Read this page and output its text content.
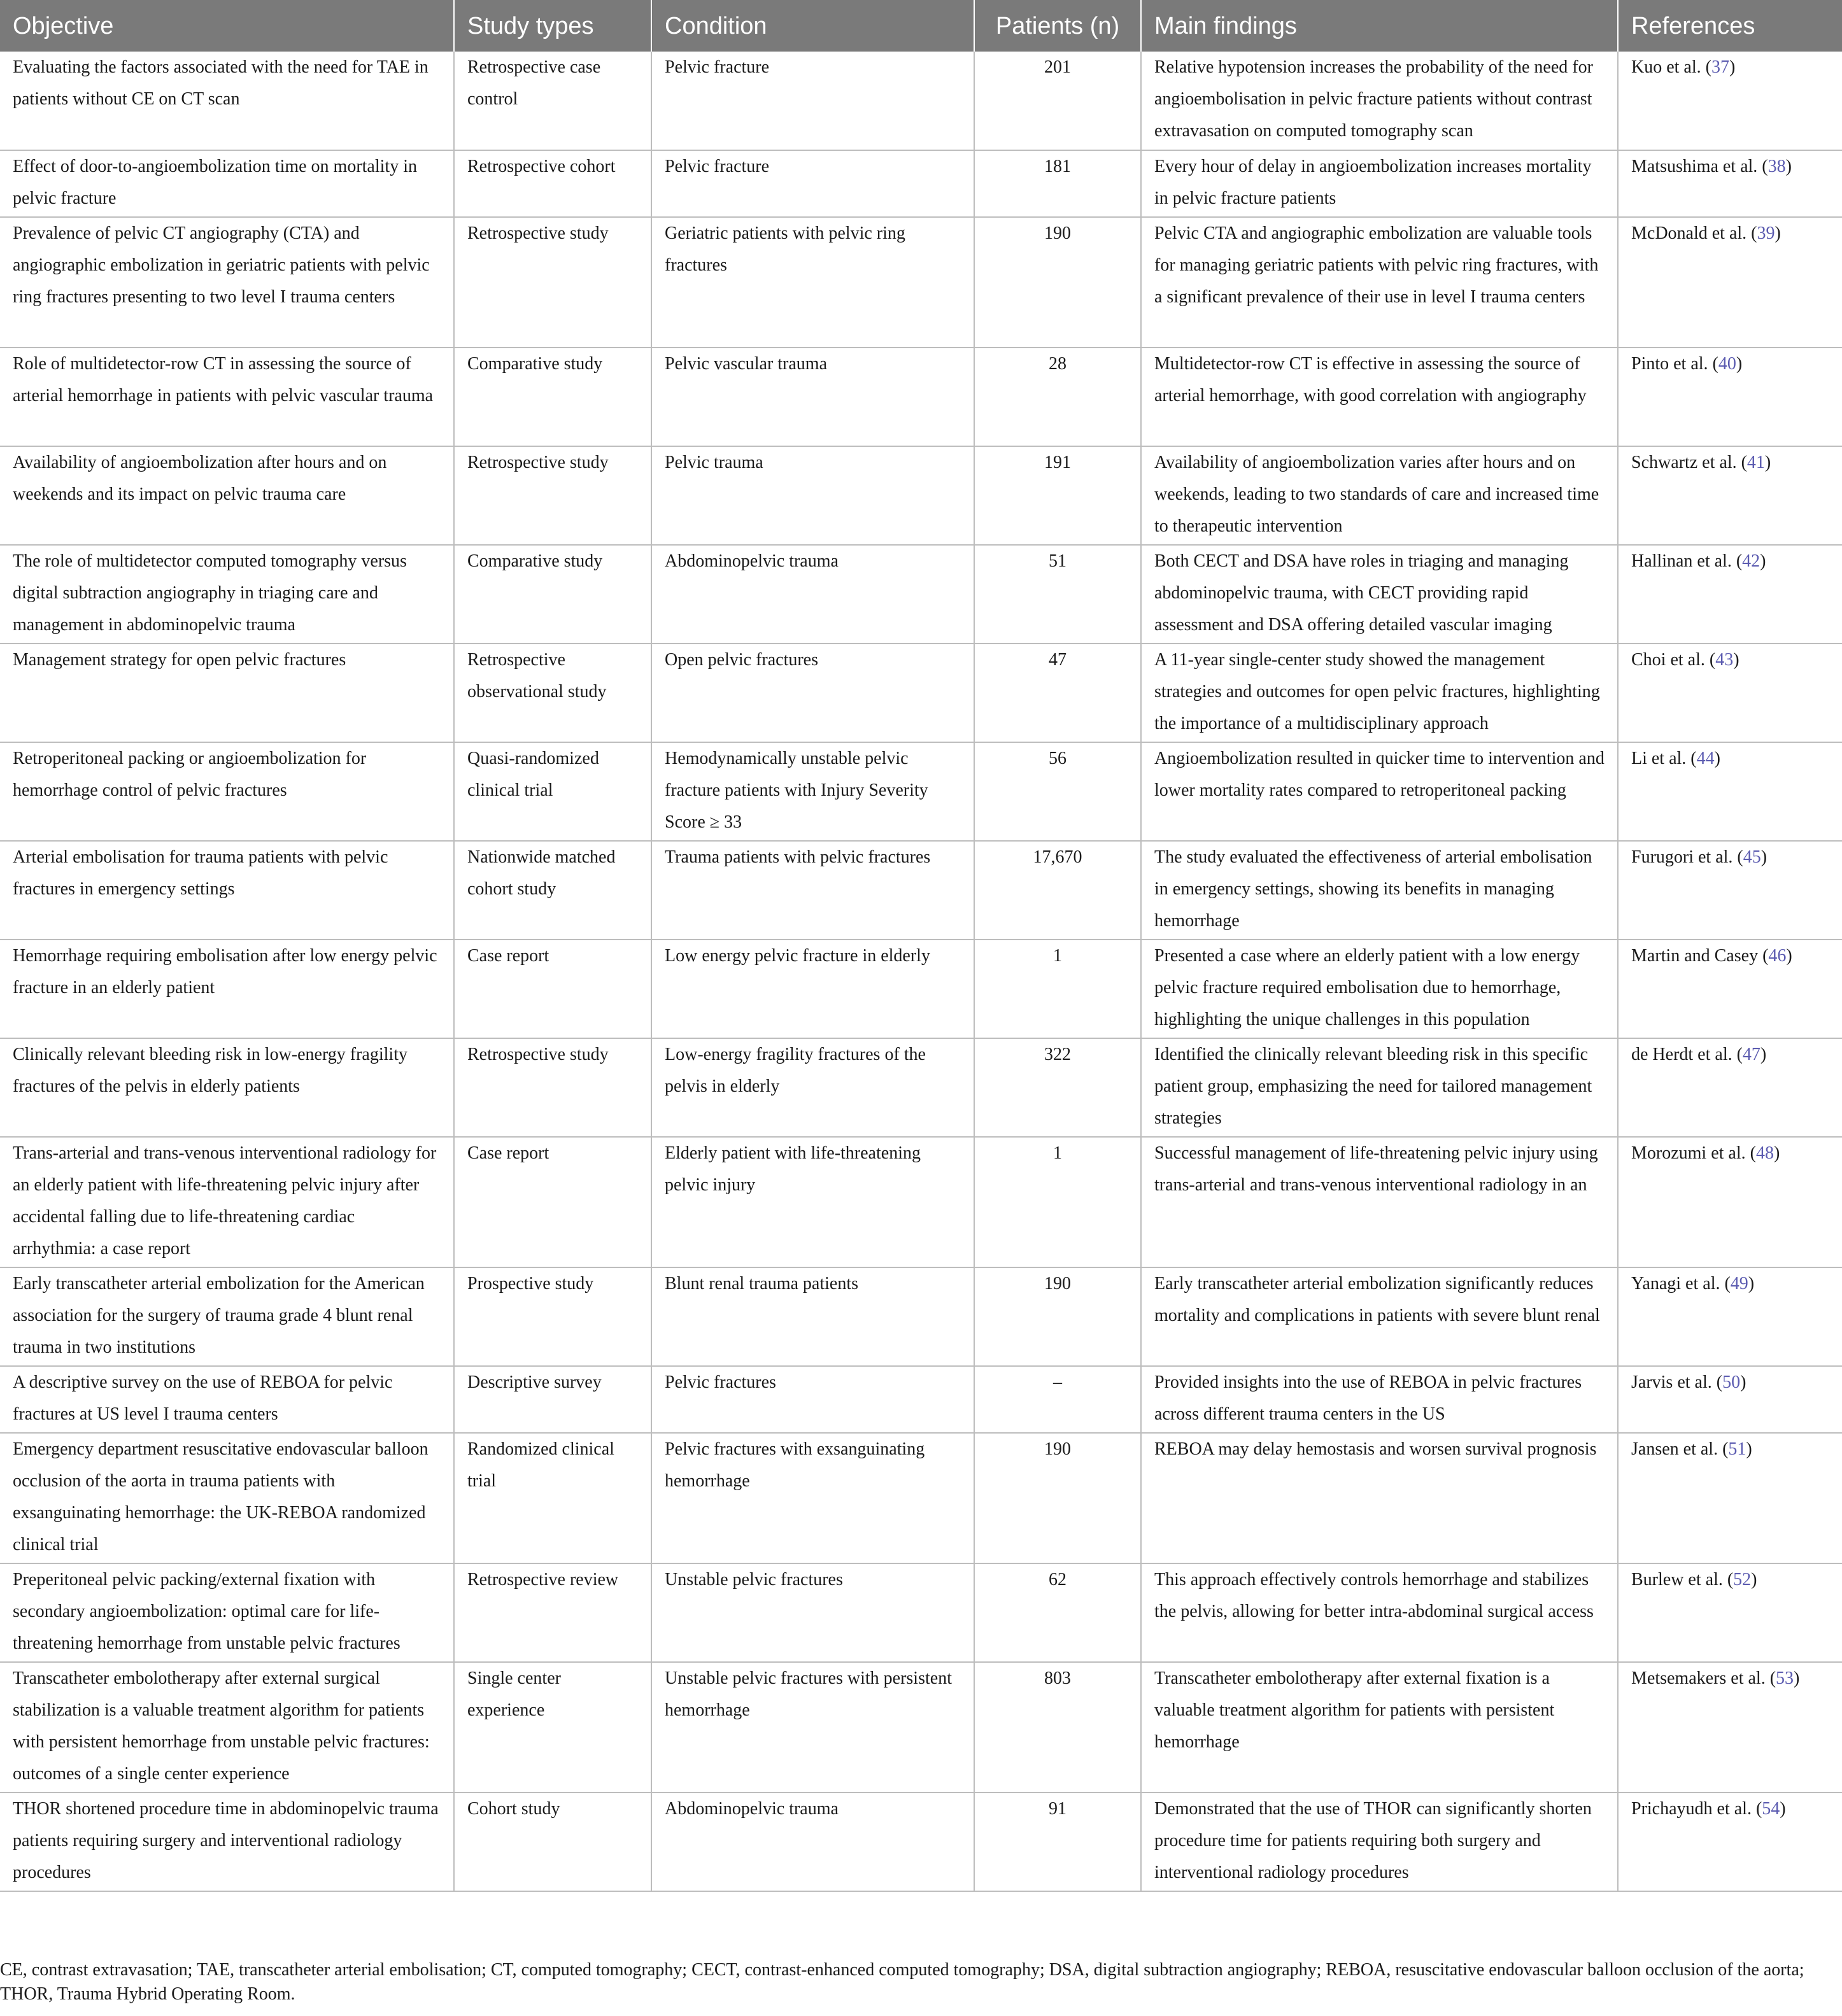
Objective	Study types	Condition	Patients (n)	Main findings	References
Evaluating the factors associated with the need for TAE in patients without CE on CT scan	Retrospective case control	Pelvic fracture	201	Relative hypotension increases the probability of the need for angioembolisation in pelvic fracture patients without contrast extravasation on computed tomography scan	Kuo et al. (37)
Effect of door-to-angioembolization time on mortality in pelvic fracture	Retrospective cohort	Pelvic fracture	181	Every hour of delay in angioembolization increases mortality in pelvic fracture patients	Matsushima et al. (38)
Prevalence of pelvic CT angiography (CTA) and angiographic embolization in geriatric patients with pelvic ring fractures presenting to two level I trauma centers	Retrospective study	Geriatric patients with pelvic ring fractures	190	Pelvic CTA and angiographic embolization are valuable tools for managing geriatric patients with pelvic ring fractures, with a significant prevalence of their use in level I trauma centers	McDonald et al. (39)
Role of multidetector-row CT in assessing the source of arterial hemorrhage in patients with pelvic vascular trauma	Comparative study	Pelvic vascular trauma	28	Multidetector-row CT is effective in assessing the source of arterial hemorrhage, with good correlation with angiography	Pinto et al. (40)
Availability of angioembolization after hours and on weekends and its impact on pelvic trauma care	Retrospective study	Pelvic trauma	191	Availability of angioembolization varies after hours and on weekends, leading to two standards of care and increased time to therapeutic intervention	Schwartz et al. (41)
The role of multidetector computed tomography versus digital subtraction angiography in triaging care and management in abdominopelvic trauma	Comparative study	Abdominopelvic trauma	51	Both CECT and DSA have roles in triaging and managing abdominopelvic trauma, with CECT providing rapid assessment and DSA offering detailed vascular imaging	Hallinan et al. (42)
Management strategy for open pelvic fractures	Retrospective observational study	Open pelvic fractures	47	A 11-year single-center study showed the management strategies and outcomes for open pelvic fractures, highlighting the importance of a multidisciplinary approach	Choi et al. (43)
Retroperitoneal packing or angioembolization for hemorrhage control of pelvic fractures	Quasi-randomized clinical trial	Hemodynamically unstable pelvic fracture patients with Injury Severity Score ≥ 33	56	Angioembolization resulted in quicker time to intervention and lower mortality rates compared to retroperitoneal packing	Li et al. (44)
Arterial embolisation for trauma patients with pelvic fractures in emergency settings	Nationwide matched cohort study	Trauma patients with pelvic fractures	17,670	The study evaluated the effectiveness of arterial embolisation in emergency settings, showing its benefits in managing hemorrhage	Furugori et al. (45)
Hemorrhage requiring embolisation after low energy pelvic fracture in an elderly patient	Case report	Low energy pelvic fracture in elderly	1	Presented a case where an elderly patient with a low energy pelvic fracture required embolisation due to hemorrhage, highlighting the unique challenges in this population	Martin and Casey (46)
Clinically relevant bleeding risk in low-energy fragility fractures of the pelvis in elderly patients	Retrospective study	Low-energy fragility fractures of the pelvis in elderly	322	Identified the clinically relevant bleeding risk in this specific patient group, emphasizing the need for tailored management strategies	de Herdt et al. (47)
Trans-arterial and trans-venous interventional radiology for an elderly patient with life-threatening pelvic injury after accidental falling due to life-threatening cardiac arrhythmia: a case report	Case report	Elderly patient with life-threatening pelvic injury	1	Successful management of life-threatening pelvic injury using trans-arterial and trans-venous interventional radiology in an	Morozumi et al. (48)
Early transcatheter arterial embolization for the American association for the surgery of trauma grade 4 blunt renal trauma in two institutions	Prospective study	Blunt renal trauma patients	190	Early transcatheter arterial embolization significantly reduces mortality and complications in patients with severe blunt renal	Yanagi et al. (49)
A descriptive survey on the use of REBOA for pelvic fractures at US level I trauma centers	Descriptive survey	Pelvic fractures	–	Provided insights into the use of REBOA in pelvic fractures across different trauma centers in the US	Jarvis et al. (50)
Emergency department resuscitative endovascular balloon occlusion of the aorta in trauma patients with exsanguinating hemorrhage: the UK-REBOA randomized clinical trial	Randomized clinical trial	Pelvic fractures with exsanguinating hemorrhage	190	REBOA may delay hemostasis and worsen survival prognosis	Jansen et al. (51)
Preperitoneal pelvic packing/external fixation with secondary angioembolization: optimal care for life-threatening hemorrhage from unstable pelvic fractures	Retrospective review	Unstable pelvic fractures	62	This approach effectively controls hemorrhage and stabilizes the pelvis, allowing for better intra-abdominal surgical access	Burlew et al. (52)
Transcatheter embolotherapy after external surgical stabilization is a valuable treatment algorithm for patients with persistent hemorrhage from unstable pelvic fractures: outcomes of a single center experience	Single center experience	Unstable pelvic fractures with persistent hemorrhage	803	Transcatheter embolotherapy after external fixation is a valuable treatment algorithm for patients with persistent hemorrhage	Metsemakers et al. (53)
THOR shortened procedure time in abdominopelvic trauma patients requiring surgery and interventional radiology procedures	Cohort study	Abdominopelvic trauma	91	Demonstrated that the use of THOR can significantly shorten procedure time for patients requiring both surgery and interventional radiology procedures	Prichayudh et al. (54)
CE, contrast extravasation; TAE, transcatheter arterial embolisation; CT, computed tomography; CECT, contrast-enhanced computed tomography; DSA, digital subtraction angiography; REBOA, resuscitative endovascular balloon occlusion of the aorta; THOR, Trauma Hybrid Operating Room.
